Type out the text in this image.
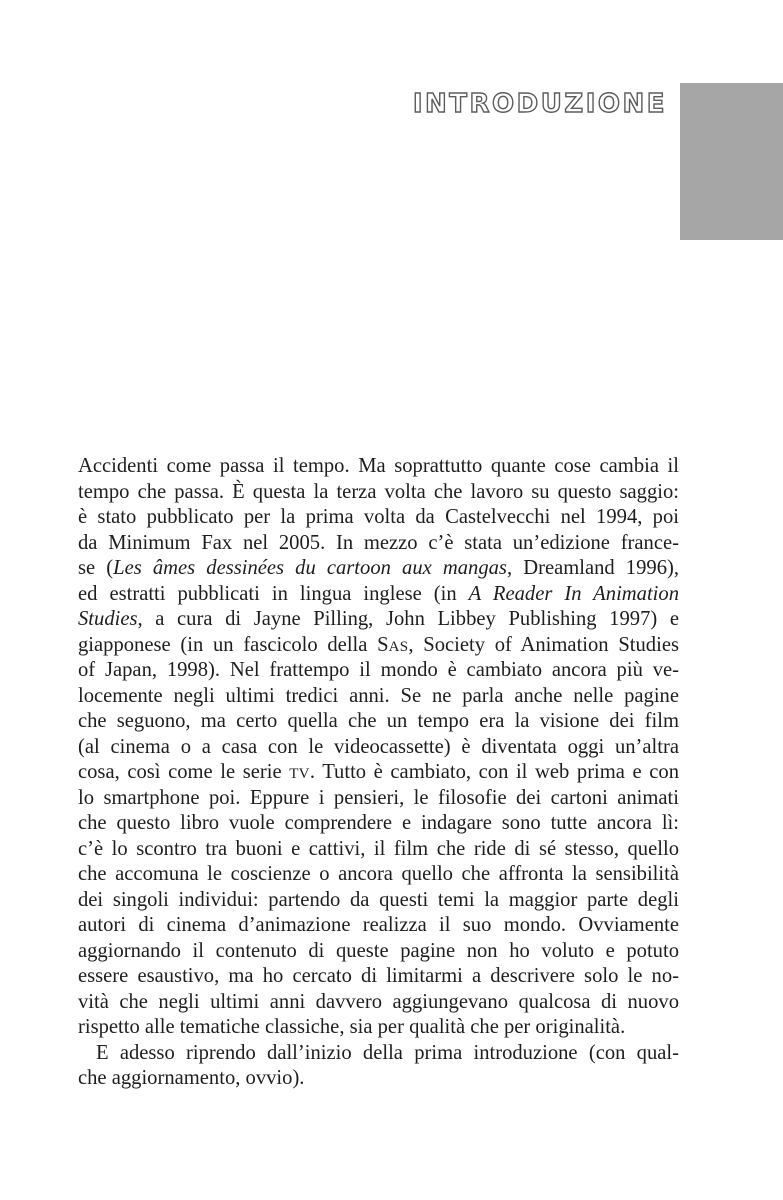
INTRODUZIONE
Accidenti come passa il tempo. Ma soprattutto quante cose cambia il
tempo che passa. È questa la terza volta che lavoro su questo saggio:
è stato pubblicato per la prima volta da Castelvecchi nel 1994, poi
da Minimum Fax nel 2005. In mezzo c’è stata un’edizione france-
se (Les âmes dessinées du cartoon aux mangas, Dreamland 1996),
ed estratti pubblicati in lingua inglese (in A Reader In Animation
Studies, a cura di Jayne Pilling, John Libbey Publishing 1997) e
giapponese (in un fascicolo della SAS, Society of Animation Studies
of Japan, 1998). Nel frattempo il mondo è cambiato ancora più ve-
locemente negli ultimi tredici anni. Se ne parla anche nelle pagine
che seguono, ma certo quella che un tempo era la visione dei film
(al cinema o a casa con le videocassette) è diventata oggi un’altra
cosa, così come le serie TV. Tutto è cambiato, con il web prima e con
lo smartphone poi. Eppure i pensieri, le filosofie dei cartoni animati
che questo libro vuole comprendere e indagare sono tutte ancora lì:
c’è lo scontro tra buoni e cattivi, il film che ride di sé stesso, quello
che accomuna le coscienze o ancora quello che affronta la sensibilità
dei singoli individui: partendo da questi temi la maggior parte degli
autori di cinema d’animazione realizza il suo mondo. Ovviamente
aggiornando il contenuto di queste pagine non ho voluto e potuto
essere esaustivo, ma ho cercato di limitarmi a descrivere solo le no-
vità che negli ultimi anni davvero aggiungevano qualcosa di nuovo
rispetto alle tematiche classiche, sia per qualità che per originalità.
E adesso riprendo dall’inizio della prima introduzione (con qual-
che aggiornamento, ovvio).
